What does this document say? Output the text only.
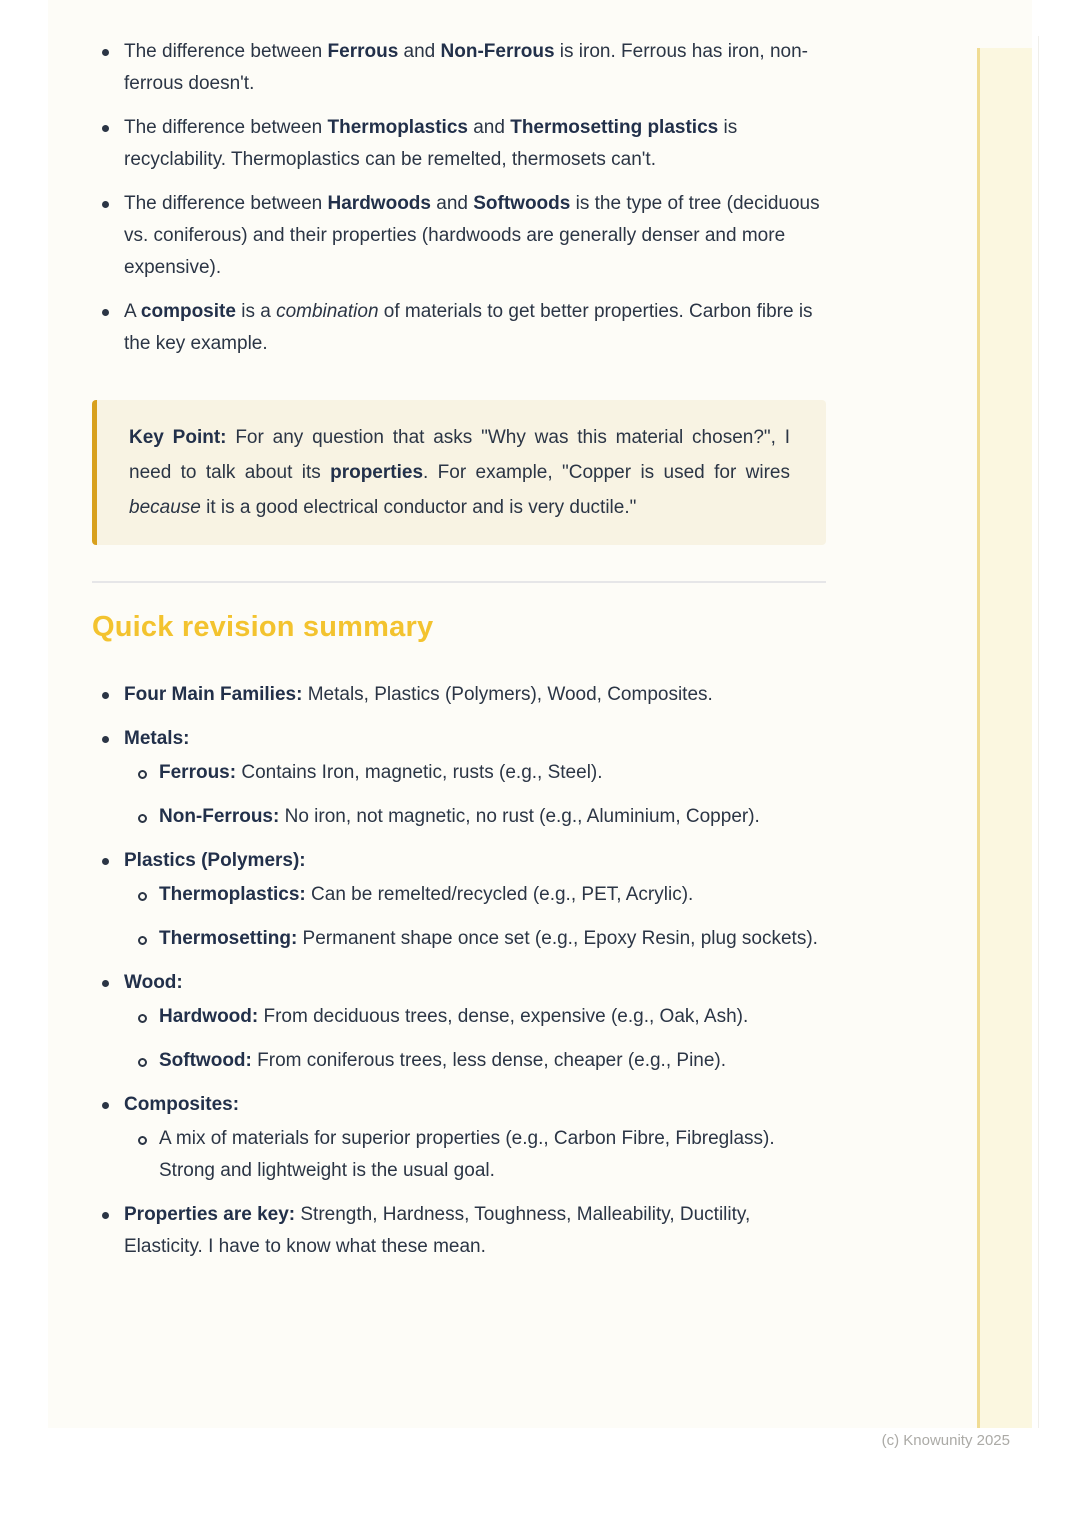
The difference between Ferrous and Non-Ferrous is iron. Ferrous has iron, non-ferrous doesn't.
The difference between Thermoplastics and Thermosetting plastics is recyclability. Thermoplastics can be remelted, thermosets can't.
The difference between Hardwoods and Softwoods is the type of tree (deciduous vs. coniferous) and their properties (hardwoods are generally denser and more expensive).
A composite is a combination of materials to get better properties. Carbon fibre is the key example.

Key Point: For any question that asks "Why was this material chosen?", I need to talk about its properties. For example, "Copper is used for wires because it is a good electrical conductor and is very ductile."

Quick revision summary
Four Main Families: Metals, Plastics (Polymers), Wood, Composites.
Metals:
Ferrous: Contains Iron, magnetic, rusts (e.g., Steel).
Non-Ferrous: No iron, not magnetic, no rust (e.g., Aluminium, Copper).
Plastics (Polymers):
Thermoplastics: Can be remelted/recycled (e.g., PET, Acrylic).
Thermosetting: Permanent shape once set (e.g., Epoxy Resin, plug sockets).
Wood:
Hardwood: From deciduous trees, dense, expensive (e.g., Oak, Ash).
Softwood: From coniferous trees, less dense, cheaper (e.g., Pine).
Composites:
A mix of materials for superior properties (e.g., Carbon Fibre, Fibreglass). Strong and lightweight is the usual goal.
Properties are key: Strength, Hardness, Toughness, Malleability, Ductility, Elasticity. I have to know what these mean.
(c) Knowunity 2025
